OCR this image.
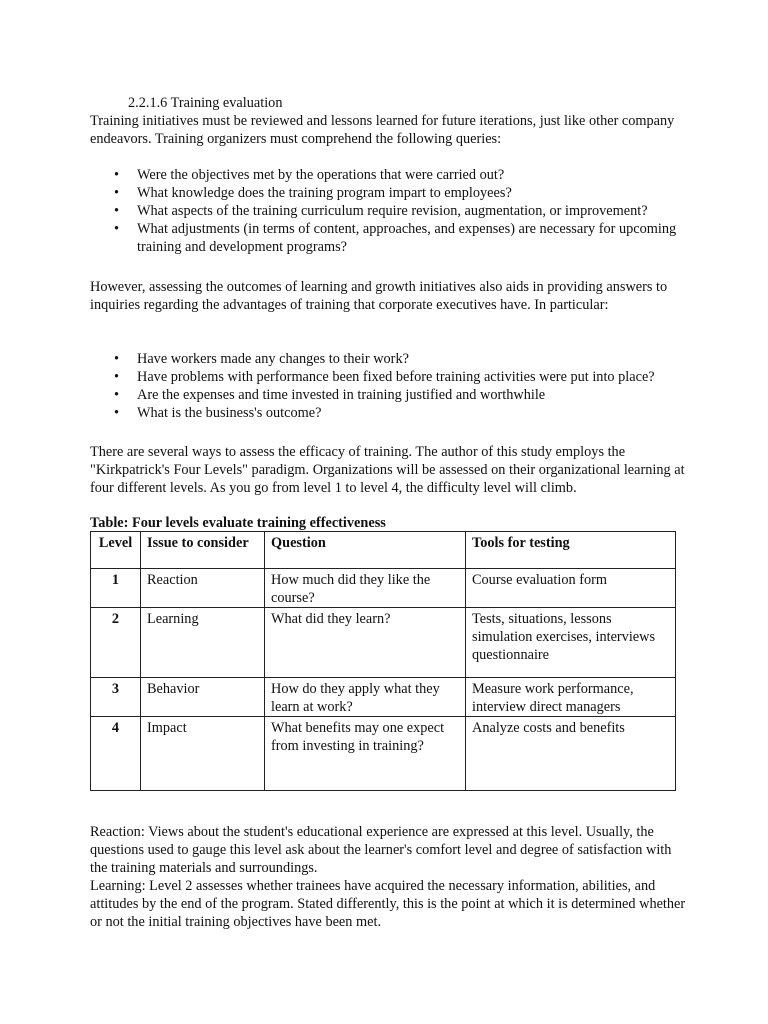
2.2.1.6 Training evaluation

Training initiatives must be reviewed and lessons learned for future iterations, just like other company endeavors. Training organizers must comprehend the following queries:

• Were the objectives met by the operations that were carried out?
• What knowledge does the training program impart to employees?
• What aspects of the training curriculum require revision, augmentation, or improvement?
• What adjustments (in terms of content, approaches, and expenses) are necessary for upcoming training and development programs?

However, assessing the outcomes of learning and growth initiatives also aids in providing answers to inquiries regarding the advantages of training that corporate executives have. In particular:

• Have workers made any changes to their work?
• Have problems with performance been fixed before training activities were put into place?
• Are the expenses and time invested in training justified and worthwhile
• What is the business's outcome?

There are several ways to assess the efficacy of training. The author of this study employs the "Kirkpatrick's Four Levels" paradigm. Organizations will be assessed on their organizational learning at four different levels. As you go from level 1 to level 4, the difficulty level will climb.

Table: Four levels evaluate training effectiveness

Level	Issue to consider	Question	Tools for testing
1	Reaction	How much did they like the course?	Course evaluation form
2	Learning	What did they learn?	Tests, situations, lessons simulation exercises, interviews questionnaire
3	Behavior	How do they apply what they learn at work?	Measure work performance, interview direct managers
4	Impact	What benefits may one expect from investing in training?	Analyze costs and benefits

Reaction: Views about the student's educational experience are expressed at this level. Usually, the questions used to gauge this level ask about the learner's comfort level and degree of satisfaction with the training materials and surroundings.

Learning: Level 2 assesses whether trainees have acquired the necessary information, abilities, and attitudes by the end of the program. Stated differently, this is the point at which it is determined whether or not the initial training objectives have been met.
